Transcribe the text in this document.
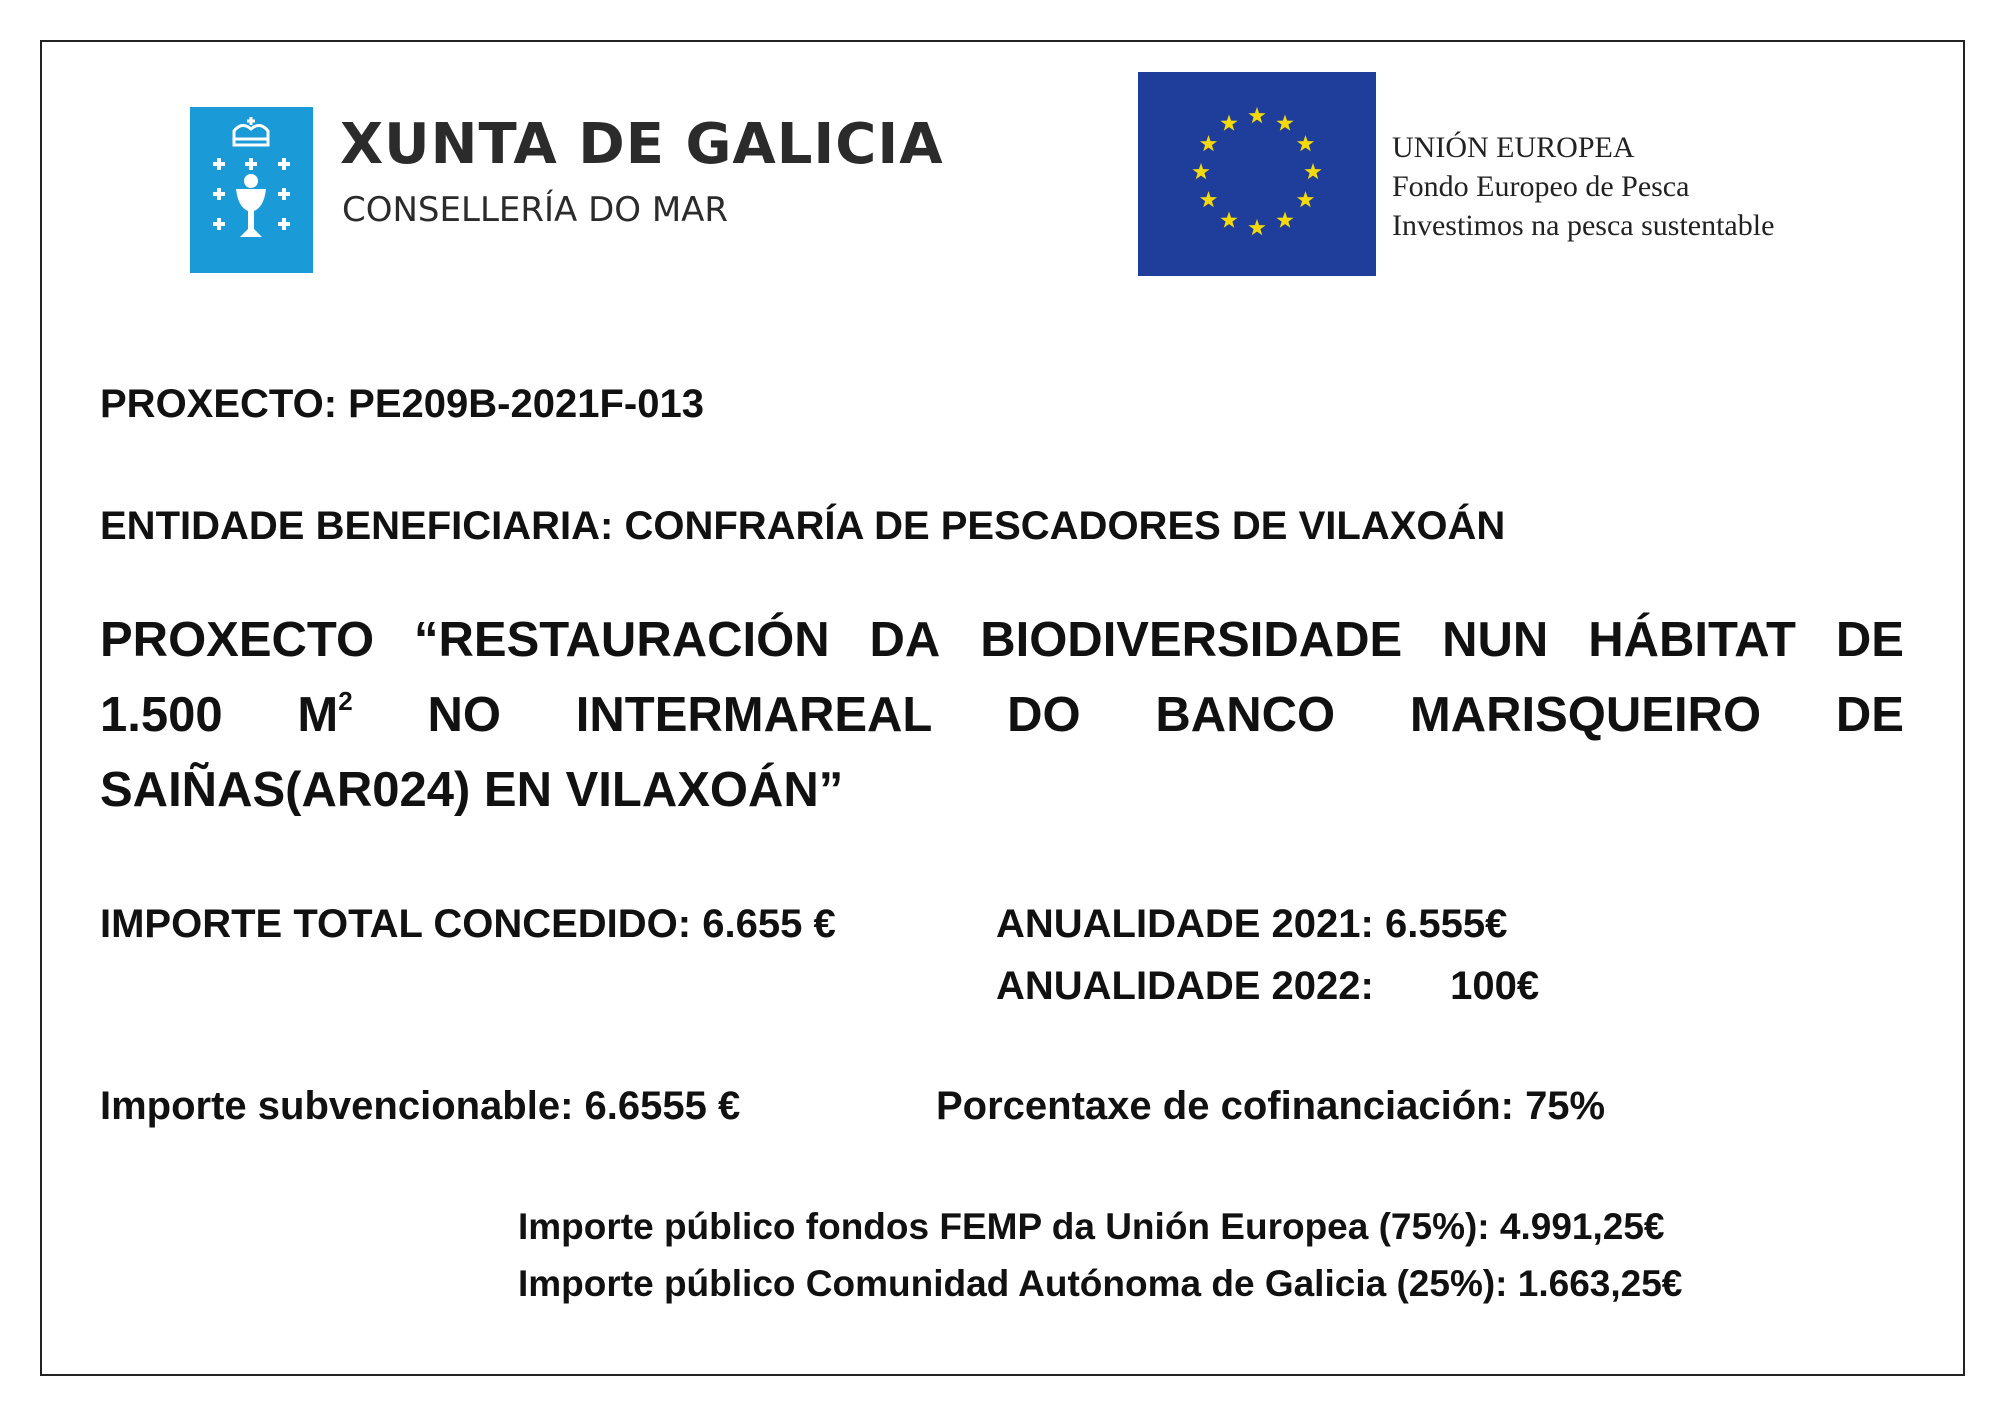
XUNTA DE GALICIA
CONSELLERÍA DO MAR
UNIÓN EUROPEA
Fondo Europeo de Pesca
Investimos na pesca sustentable
PROXECTO: PE209B-2021F-013
ENTIDADE BENEFICIARIA: CONFRARÍA DE PESCADORES DE VILAXOÁN
PROXECTO “RESTAURACIÓN DA BIODIVERSIDADE NUN HÁBITAT DE
1.500 $M^2$ NO INTERMAREAL DO BANCO MARISQUEIRO DE
SAIÑAS(AR024) EN VILAXOÁN”
IMPORTE TOTAL CONCEDIDO: 6.655 €	ANUALIDADE 2021: 6.555€
ANUALIDADE 2022: 100€
Importe subvencionable: 6.6555 €	Porcentaxe de cofinanciación: 75%
Importe público fondos FEMP da Unión Europea (75%): 4.991,25€
Importe público Comunidad Autónoma de Galicia (25%): 1.663,25€
